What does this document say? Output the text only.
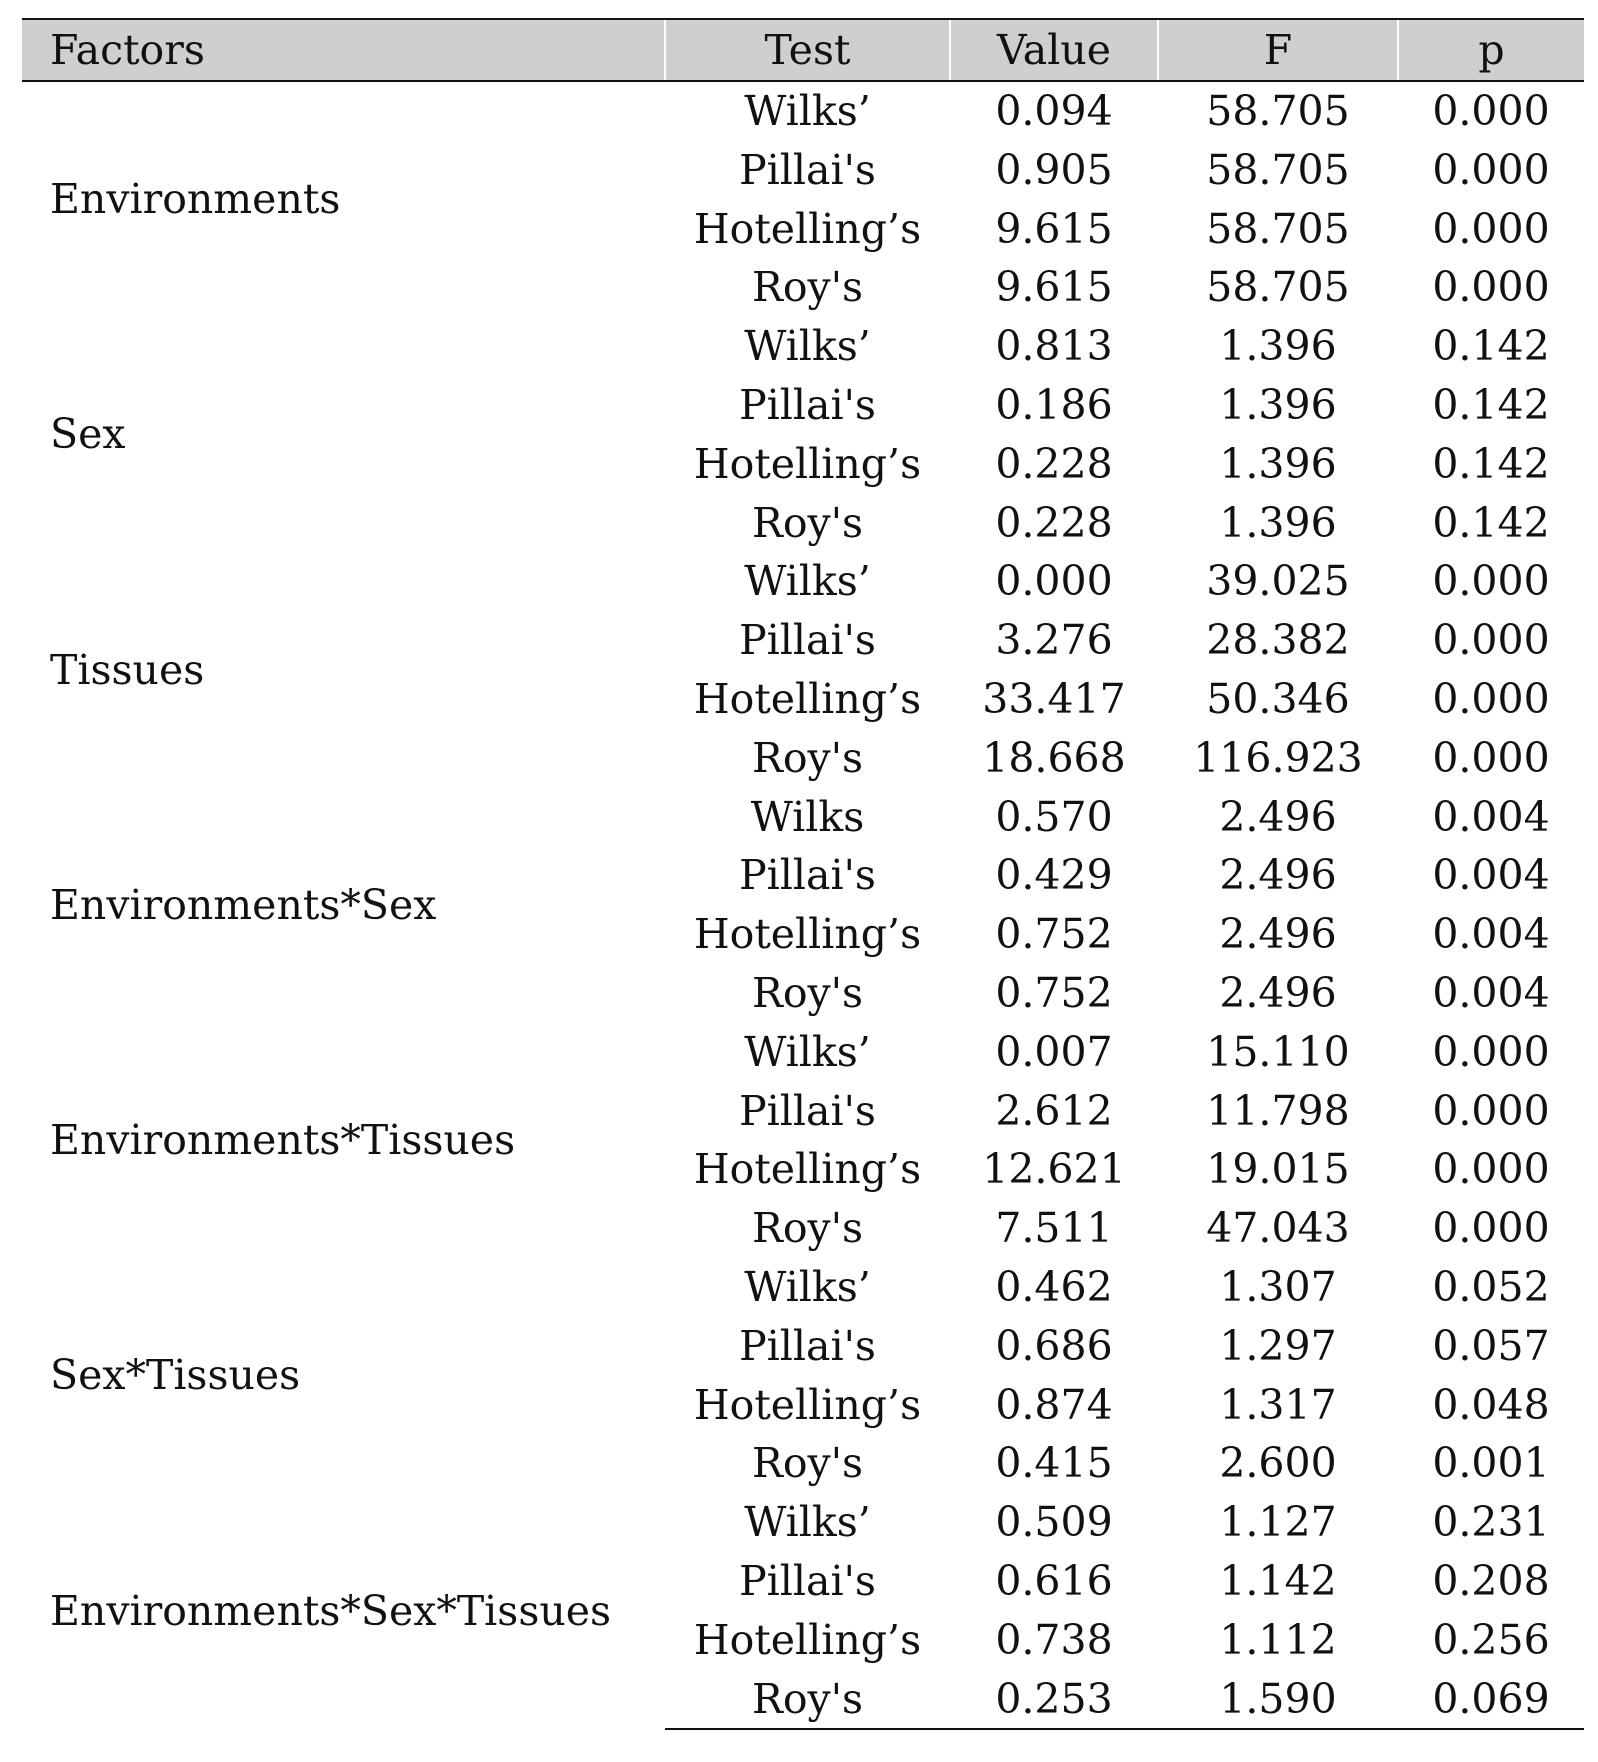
Factors	Test	Value	F	p
Environments	Wilks’	0.094	58.705	0.000
	Pillai's	0.905	58.705	0.000
	Hotelling’s	9.615	58.705	0.000
	Roy's	9.615	58.705	0.000
Sex	Wilks’	0.813	1.396	0.142
	Pillai's	0.186	1.396	0.142
	Hotelling’s	0.228	1.396	0.142
	Roy's	0.228	1.396	0.142
Tissues	Wilks’	0.000	39.025	0.000
	Pillai's	3.276	28.382	0.000
	Hotelling’s	33.417	50.346	0.000
	Roy's	18.668	116.923	0.000
Environments*Sex	Wilks	0.570	2.496	0.004
	Pillai's	0.429	2.496	0.004
	Hotelling’s	0.752	2.496	0.004
	Roy's	0.752	2.496	0.004
Environments*Tissues	Wilks’	0.007	15.110	0.000
	Pillai's	2.612	11.798	0.000
	Hotelling’s	12.621	19.015	0.000
	Roy's	7.511	47.043	0.000
Sex*Tissues	Wilks’	0.462	1.307	0.052
	Pillai's	0.686	1.297	0.057
	Hotelling’s	0.874	1.317	0.048
	Roy's	0.415	2.600	0.001
Environments*Sex*Tissues	Wilks’	0.509	1.127	0.231
	Pillai's	0.616	1.142	0.208
	Hotelling’s	0.738	1.112	0.256
	Roy's	0.253	1.590	0.069
